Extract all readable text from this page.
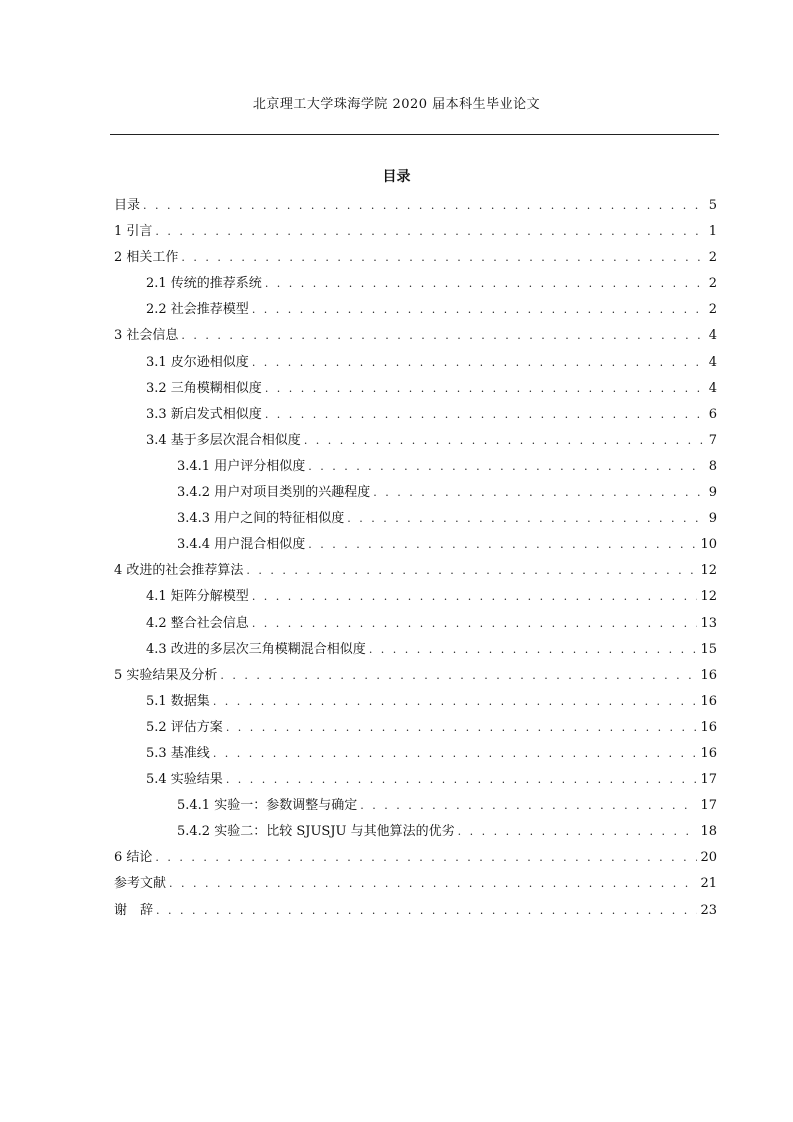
北京理工大学珠海学院 2020 届本科生毕业论文
目录
目录 . . .	5
1 引言 . . .	1
2 相关工作 . . .	2
2.1 传统的推荐系统 . . .	2
2.2 社会推荐模型 . . .	2
3 社会信息 . . .	4
3.1 皮尔逊相似度 . . .	4
3.2 三角模糊相似度 . . .	4
3.3 新启发式相似度 . . .	6
3.4 基于多层次混合相似度 . . .	7
3.4.1 用户评分相似度 . . .	8
3.4.2 用户对项目类别的兴趣程度 . . .	9
3.4.3 用户之间的特征相似度 . . .	9
3.4.4 用户混合相似度 . . .	10
4 改进的社会推荐算法 . . .	12
4.1 矩阵分解模型 . . .	12
4.2 整合社会信息 . . .	13
4.3 改进的多层次三角模糊混合相似度 . . .	15
5 实验结果及分析 . . .	16
5.1 数据集 . . .	16
5.2 评估方案 . . .	16
5.3 基准线 . . .	16
5.4 实验结果 . . .	17
5.4.1 实验一：参数调整与确定 . . .	17
5.4.2 实验二：比较 SJUSJU 与其他算法的优劣 . . .	18
6 结论 . . .	20
参考文献 . . .	21
谢　辞 . . .	23
